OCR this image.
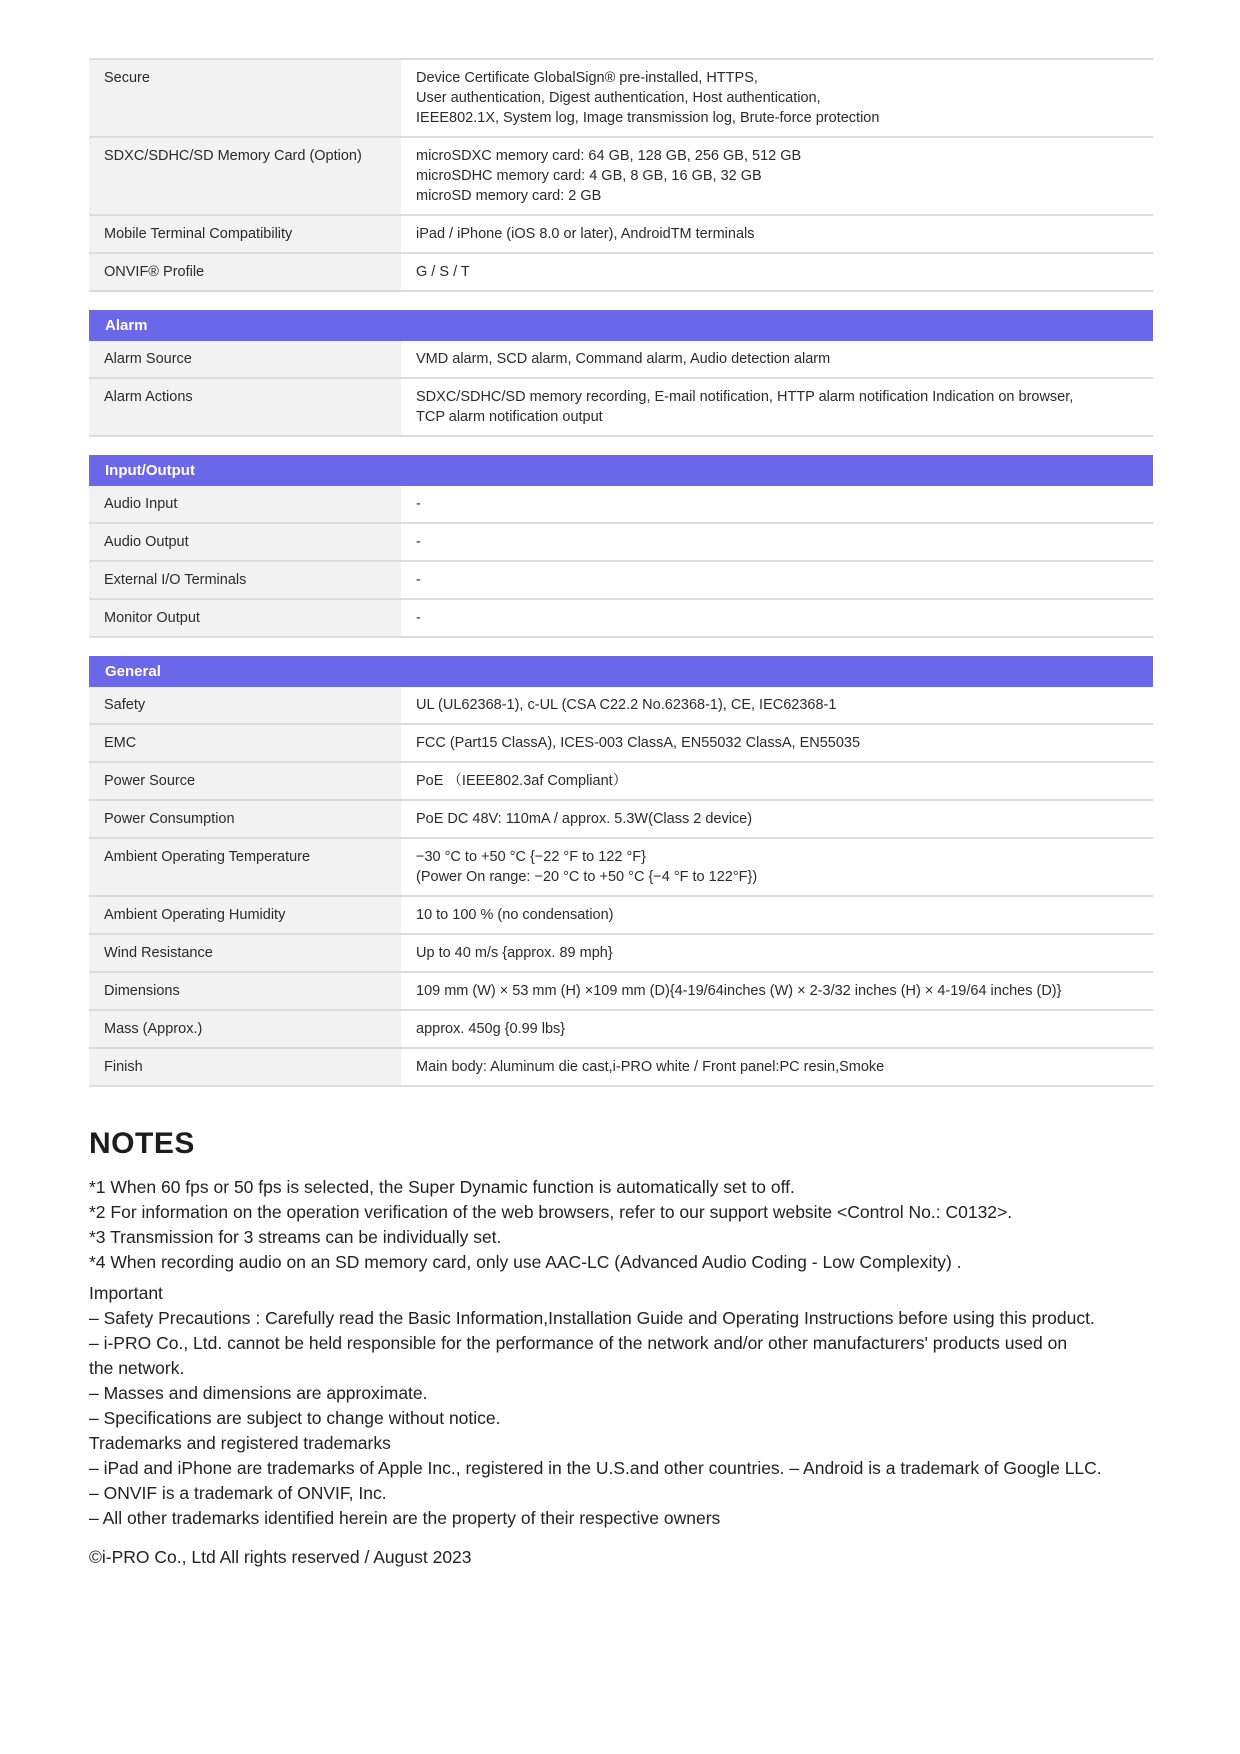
Secure	Device Certificate GlobalSign® pre-installed, HTTPS,
User authentication, Digest authentication, Host authentication,
IEEE802.1X, System log, Image transmission log, Brute-force protection

SDXC/SDHC/SD Memory Card (Option)	microSDXC memory card: 64 GB, 128 GB, 256 GB, 512 GB
microSDHC memory card: 4 GB, 8 GB, 16 GB, 32 GB
microSD memory card: 2 GB

Mobile Terminal Compatibility	iPad / iPhone (iOS 8.0 or later), AndroidTM terminals

ONVIF® Profile	G / S / T
Alarm
Alarm Source	VMD alarm, SCD alarm, Command alarm, Audio detection alarm

Alarm Actions	SDXC/SDHC/SD memory recording, E-mail notification, HTTP alarm notification Indication on browser,
TCP alarm notification output
Input/Output
Audio Input	-

Audio Output	-

External I/O Terminals	-

Monitor Output	-
General
Safety	UL (UL62368-1), c-UL (CSA C22.2 No.62368-1), CE, IEC62368-1

EMC	FCC (Part15 ClassA), ICES-003 ClassA, EN55032 ClassA, EN55035

Power Source	PoE （IEEE802.3af Compliant）

Power Consumption	PoE DC 48V: 110mA / approx. 5.3W(Class 2 device)

Ambient Operating Temperature	−30 °C to +50 °C {−22 °F to 122 °F}
(Power On range: −20 °C to +50 °C {−4 °F to 122°F})

Ambient Operating Humidity	10 to 100 % (no condensation)

Wind Resistance	Up to 40 m/s {approx. 89 mph}

Dimensions	109 mm (W) × 53 mm (H) ×109 mm (D){4-19/64inches (W) × 2-3/32 inches (H) × 4-19/64 inches (D)}

Mass (Approx.)	approx. 450g {0.99 lbs}

Finish	Main body: Aluminum die cast,i-PRO white / Front panel:PC resin,Smoke
NOTES
*1 When 60 fps or 50 fps is selected, the Super Dynamic function is automatically set to off.
*2 For information on the operation verification of the web browsers, refer to our support website <Control No.: C0132>.
*3 Transmission for 3 streams can be individually set.
*4 When recording audio on an SD memory card, only use AAC-LC (Advanced Audio Coding - Low Complexity) .
Important
– Safety Precautions : Carefully read the Basic Information,Installation Guide and Operating Instructions before using this product.
– i-PRO Co., Ltd. cannot be held responsible for the performance of the network and/or other manufacturers' products used on
the network.
– Masses and dimensions are approximate.
– Specifications are subject to change without notice.
Trademarks and registered trademarks
– iPad and iPhone are trademarks of Apple Inc., registered in the U.S.and other countries. – Android is a trademark of Google LLC.
– ONVIF is a trademark of ONVIF, Inc.
– All other trademarks identified herein are the property of their respective owners
©i-PRO Co., Ltd All rights reserved / August 2023
